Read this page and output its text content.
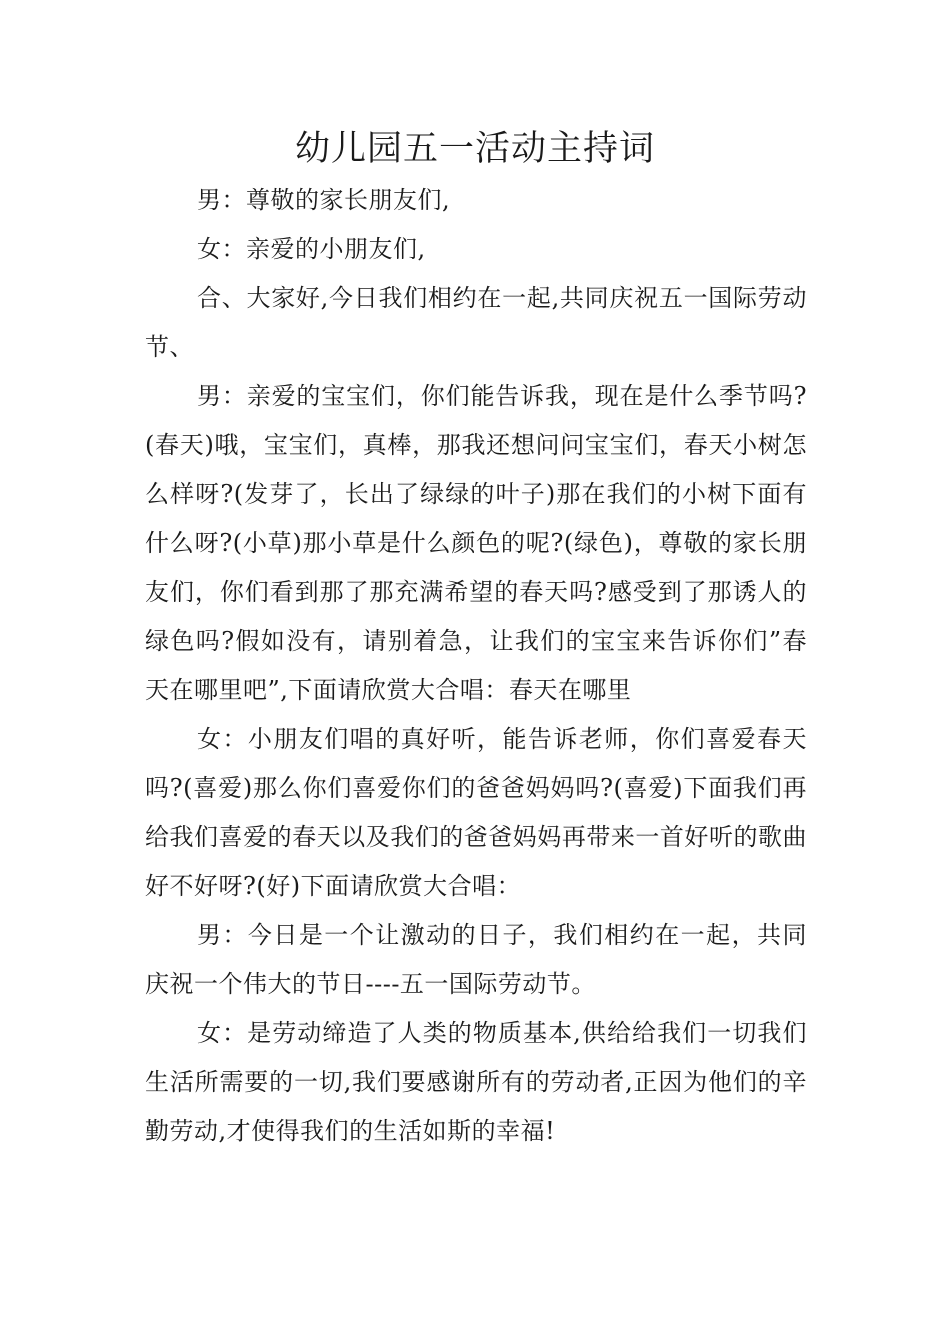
幼儿园五一活动主持词

男：尊敬的家长朋友们,

女：亲爱的小朋友们,

合、大家好,今日我们相约在一起,共同庆祝五一国际劳动节、

男：亲爱的宝宝们，你们能告诉我，现在是什么季节吗?(春天)哦，宝宝们，真棒，那我还想问问宝宝们，春天小树怎么样呀?(发芽了，长出了绿绿的叶子)那在我们的小树下面有什么呀?(小草)那小草是什么颜色的呢?(绿色)，尊敬的家长朋友们，你们看到那了那充满希望的春天吗?感受到了那诱人的绿色吗?假如没有，请别着急，让我们的宝宝来告诉你们”春天在哪里吧”,下面请欣赏大合唱：春天在哪里

女：小朋友们唱的真好听，能告诉老师，你们喜爱春天吗?(喜爱)那么你们喜爱你们的爸爸妈妈吗?(喜爱)下面我们再给我们喜爱的春天以及我们的爸爸妈妈再带来一首好听的歌曲好不好呀?(好)下面请欣赏大合唱：

男：今日是一个让激动的日子，我们相约在一起，共同庆祝一个伟大的节日----五一国际劳动节。

女：是劳动缔造了人类的物质基本,供给给我们一切我们生活所需要的一切,我们要感谢所有的劳动者,正因为他们的辛勤劳动,才使得我们的生活如斯的幸福!
